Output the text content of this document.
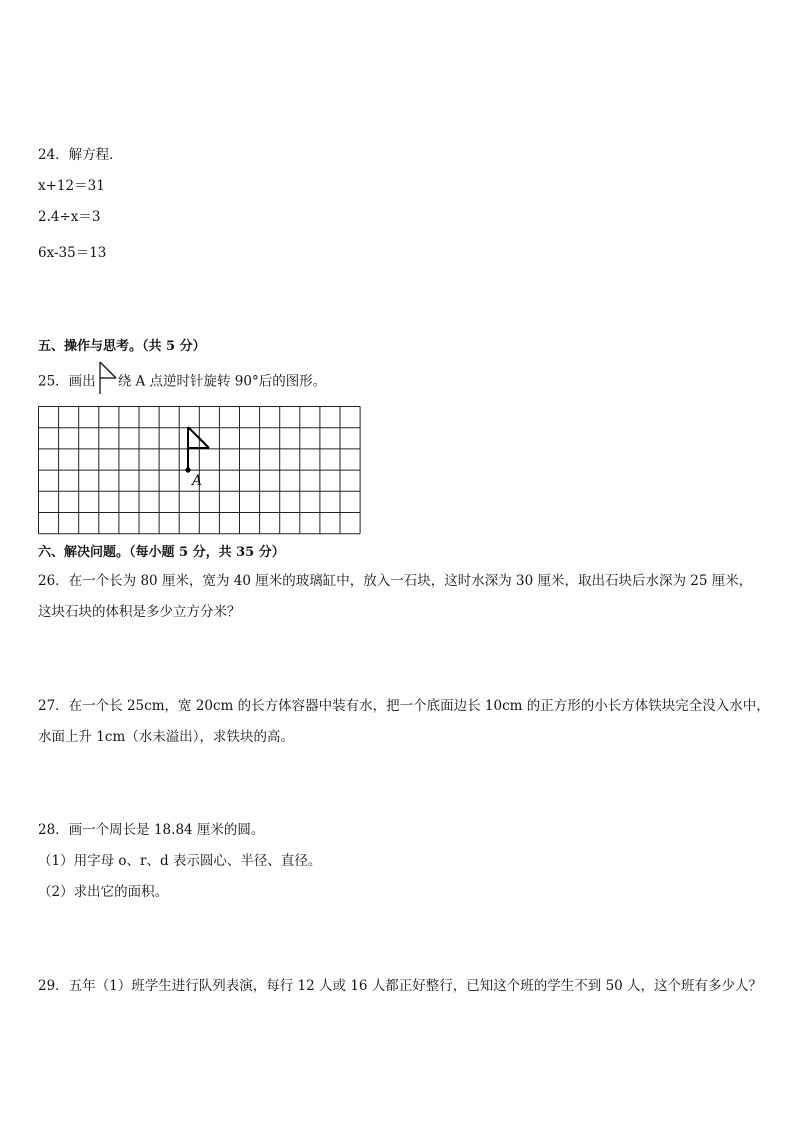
24．解方程．
x+12＝31
2.4÷x＝3
6x-35＝13
五、操作与思考。（共 5 分）
25．画出 绕 A 点逆时针旋转 90°后的图形。
A
六、解决问题。（每小题 5 分，共 35 分）
26．在一个长为 80 厘米，宽为 40 厘米的玻璃缸中，放入一石块，这时水深为 30 厘米，取出石块后水深为 25 厘米，
这块石块的体积是多少立方分米？
27．在一个长 25cm，宽 20cm 的长方体容器中装有水，把一个底面边长 10cm 的正方形的小长方体铁块完全没入水中，
水面上升 1cm（水未溢出），求铁块的高。
28．画一个周长是 18.84 厘米的圆。
（1）用字母 o、r、d 表示圆心、半径、直径。
（2）求出它的面积。
29．五年（1）班学生进行队列表演，每行 12 人或 16 人都正好整行，已知这个班的学生不到 50 人，这个班有多少人？
